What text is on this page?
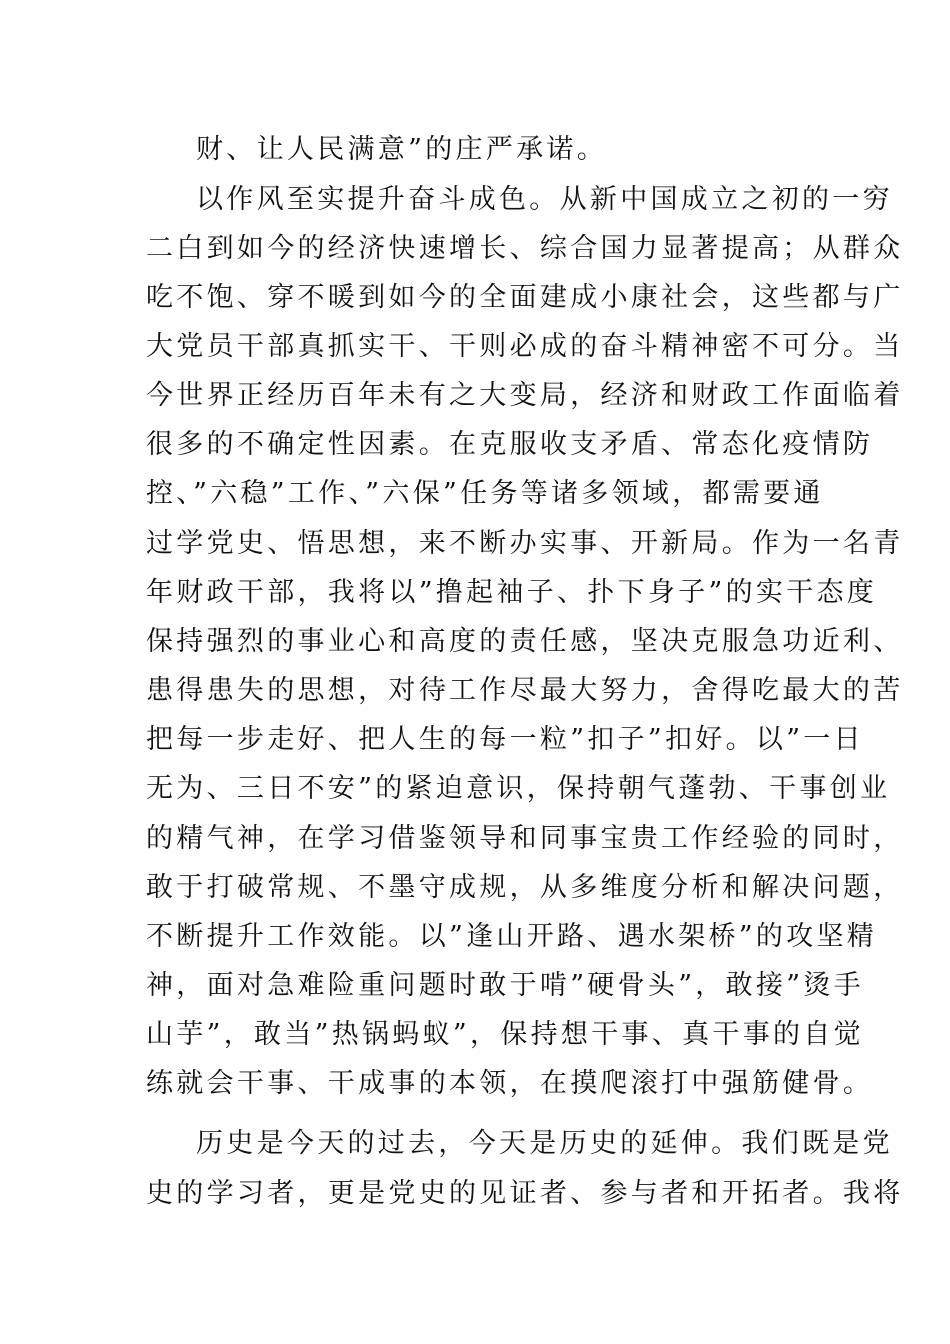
财、让人民满意”的庄严承诺。
以作风至实提升奋斗成色。从新中国成立之初的一穷
二白到如今的经济快速增长、综合国力显著提高；从群众
吃不饱、穿不暖到如今的全面建成小康社会，这些都与广
大党员干部真抓实干、干则必成的奋斗精神密不可分。当
今世界正经历百年未有之大变局，经济和财政工作面临着
很多的不确定性因素。在克服收支矛盾、常态化疫情防
控、”六稳”工作、”六保”任务等诸多领域，都需要通
过学党史、悟思想，来不断办实事、开新局。作为一名青
年财政干部，我将以”撸起袖子、扑下身子”的实干态度
保持强烈的事业心和高度的责任感，坚决克服急功近利、
患得患失的思想，对待工作尽最大努力，舍得吃最大的苦
把每一步走好、把人生的每一粒”扣子”扣好。以”一日
无为、三日不安”的紧迫意识，保持朝气蓬勃、干事创业
的精气神，在学习借鉴领导和同事宝贵工作经验的同时，
敢于打破常规、不墨守成规，从多维度分析和解决问题，
不断提升工作效能。以”逢山开路、遇水架桥”的攻坚精
神，面对急难险重问题时敢于啃”硬骨头”，敢接”烫手
山芋”，敢当”热锅蚂蚁”，保持想干事、真干事的自觉
练就会干事、干成事的本领，在摸爬滚打中强筋健骨。
历史是今天的过去，今天是历史的延伸。我们既是党
史的学习者，更是党史的见证者、参与者和开拓者。我将
